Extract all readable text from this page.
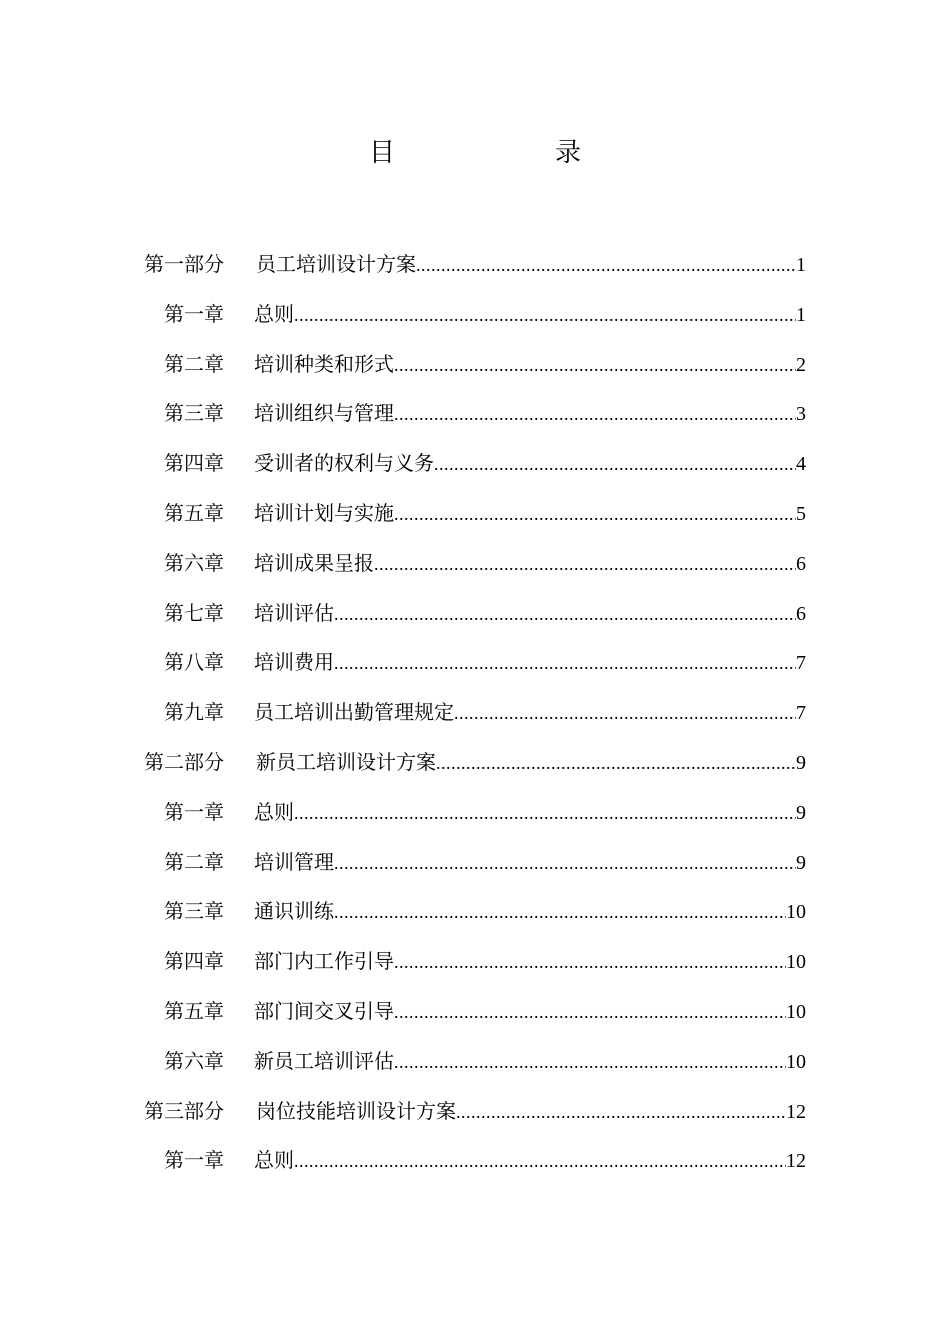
目　　录
第一部分	员工培训设计方案 .....	1
第一章	总则 .....	1
第二章	培训种类和形式 .....	2
第三章	培训组织与管理 .....	3
第四章	受训者的权利与义务 .....	4
第五章	培训计划与实施 .....	5
第六章	培训成果呈报 .....	6
第七章	培训评估 .....	6
第八章	培训费用 .....	7
第九章	员工培训出勤管理规定 .....	7
第二部分	新员工培训设计方案 .....	9
第一章	总则 .....	9
第二章	培训管理 .....	9
第三章	通识训练 .....	10
第四章	部门内工作引导 .....	10
第五章	部门间交叉引导 .....	10
第六章	新员工培训评估 .....	10
第三部分	岗位技能培训设计方案 .....	12
第一章	总则 .....	12
